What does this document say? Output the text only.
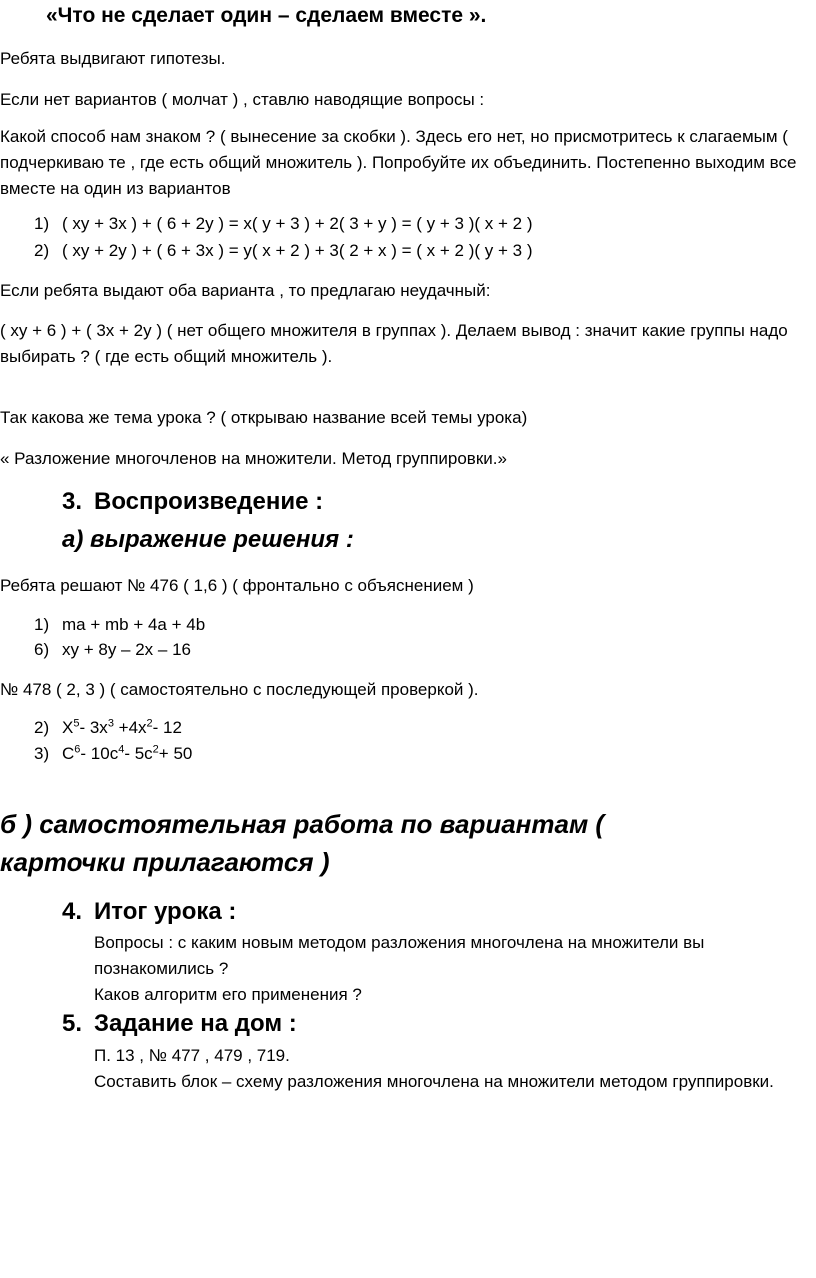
«Что не сделает один – сделаем вместе ».
Ребята выдвигают гипотезы.
Если нет вариантов ( молчат ) , ставлю наводящие вопросы :
Какой способ нам знаком ? ( вынесение за скобки ). Здесь его нет, но присмотритесь к слагаемым ( подчеркиваю те , где есть общий множитель ). Попробуйте их объединить. Постепенно выходим все вместе на один из вариантов
1) ( xy + 3x ) + ( 6 + 2y ) = x( y + 3 ) + 2( 3 + y ) = ( y + 3 )( x + 2 )
2) ( xy + 2y ) + ( 6 + 3x ) = y( x + 2 ) + 3( 2 + x ) = ( x + 2 )( y + 3 )
Если ребята выдают оба варианта , то предлагаю неудачный:
( xy + 6 ) + ( 3x + 2y ) ( нет общего множителя в группах ). Делаем вывод : значит какие группы надо выбирать ? ( где есть общий множитель ).
Так какова же тема урока ? ( открываю название всей темы урока)
« Разложение многочленов на множители. Метод группировки.»
3. Воспроизведение :
а) выражение решения :
Ребята решают № 476 ( 1,6 ) ( фронтально с объяснением )
1) ma + mb + 4a + 4b
6) xy + 8y – 2x – 16
№ 478 ( 2, 3 ) ( самостоятельно с последующей проверкой ).
2) $X^5-$ $3x^3 +4x^2-$ 12
3) $C^6-$ $10c^4-$ $5c^2+ 50$
б ) самостоятельная работа по вариантам ( карточки прилагаются )
4. Итог урока :
Вопросы : с каким новым методом разложения многочлена на множители вы познакомились ?
Каков алгоритм его применения ?
5. Задание на дом :
П. 13 , № 477 , 479 , 719.
Составить блок – схему разложения многочлена на множители методом группировки.
